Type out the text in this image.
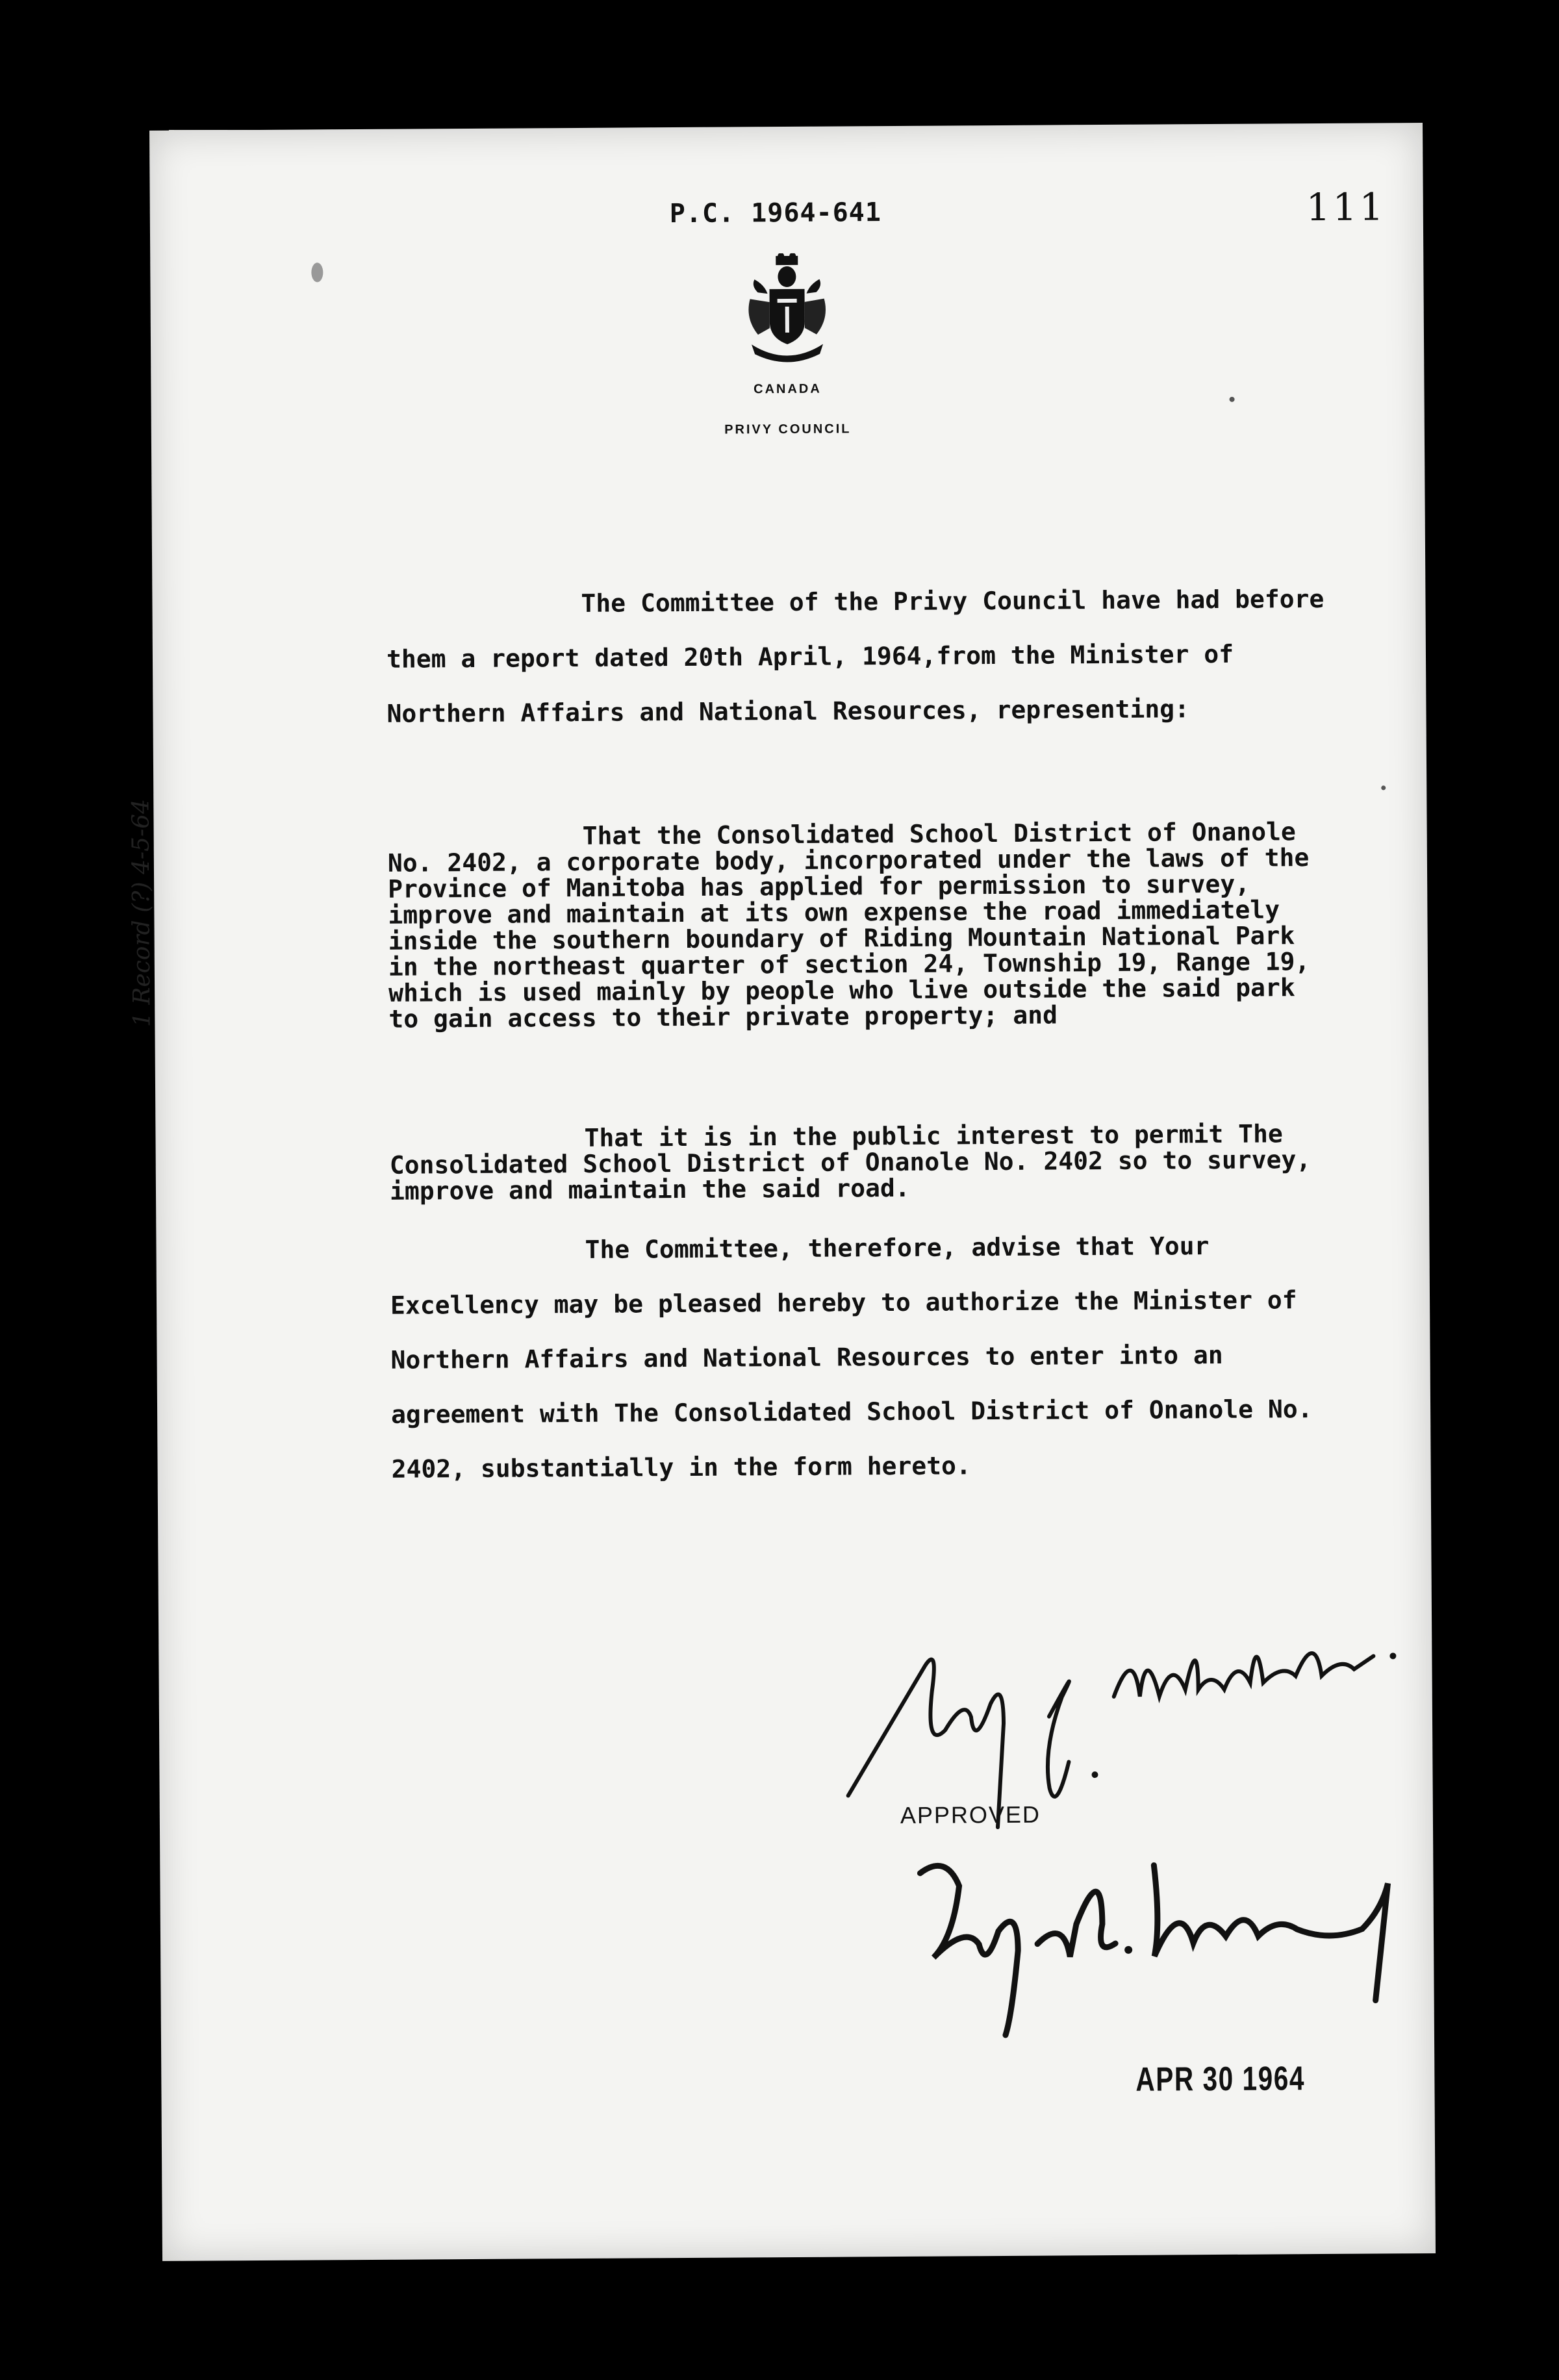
P.C. 1964-641	111
CANADA
PRIVY COUNCIL
The Committee of the Privy Council have had before them a report dated 20th April, 1964,from the Minister of Northern Affairs and National Resources, representing:
That the Consolidated School District of Onanole No. 2402, a corporate body, incorporated under the laws of the Province of Manitoba has applied for permission to survey, improve and maintain at its own expense the road immediately inside the southern boundary of Riding Mountain National Park in the northeast quarter of section 24, Township 19, Range 19, which is used mainly by people who live outside the said park to gain access to their private property; and
That it is in the public interest to permit The Consolidated School District of Onanole No. 2402 so to survey, improve and maintain the said road.
The Committee, therefore, advise that Your Excellency may be pleased hereby to authorize the Minister of Northern Affairs and National Resources to enter into an agreement with The Consolidated School District of Onanole No. 2402, substantially in the form hereto.
1 Record (?) 4-5-64
APPROVED
APR 30 1964
